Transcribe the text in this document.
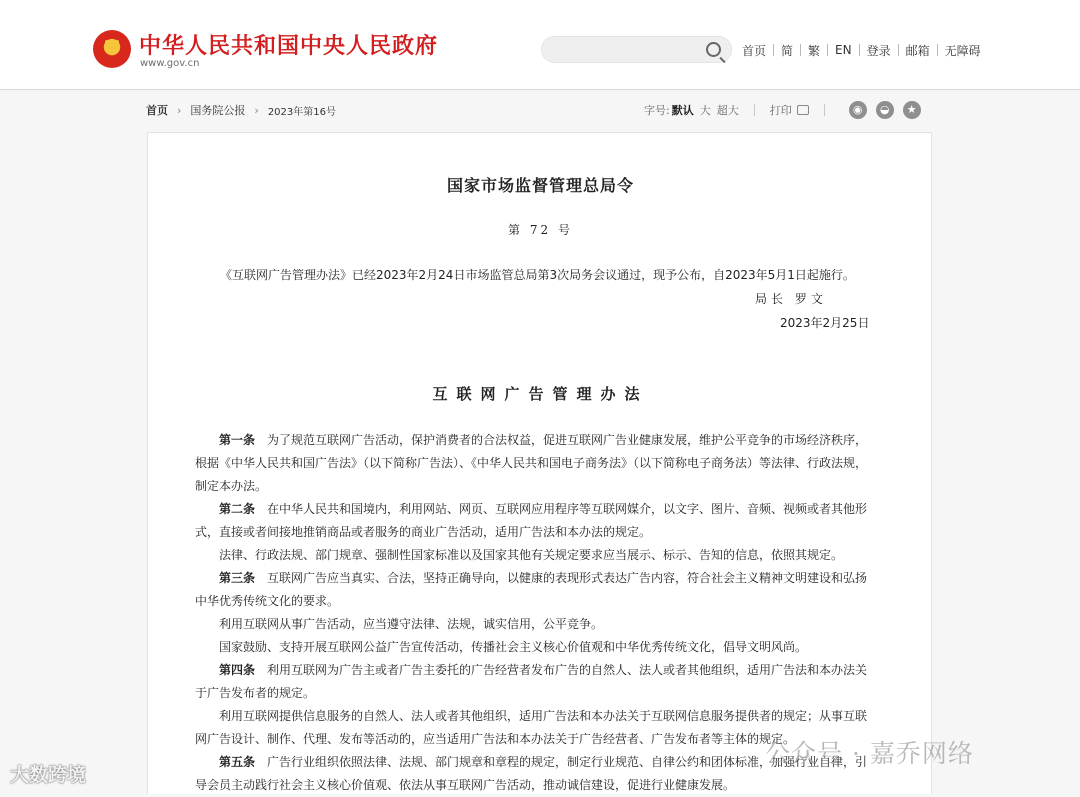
中华人民共和国中央人民政府
www.gov.cn
首页 简 繁 EN 登录 邮箱 无障碍
首页 › 国务院公报 › 2023年第16号	字号: 默认 大 超大	打印	◉	◒	★
国家市场监督管理总局令
第 72 号
《互联网广告管理办法》已经2023年2月24日市场监管总局第3次局务会议通过，现予公布，自2023年5月1日起施行。
局长 罗文
2023年2月25日
互联网广告管理办法

第一条　 为了规范互联网广告活动，保护消费者的合法权益，促进互联网广告业健康发展，维护公平竞争的市场经济秩序，根据《中华人民共和国广告法》（以下简称广告法）、《中华人民共和国电子商务法》（以下简称电子商务法）等法律、行政法规，制定本办法。

第二条　 在中华人民共和国境内，利用网站、网页、互联网应用程序等互联网媒介，以文字、图片、音频、视频或者其他形式，直接或者间接地推销商品或者服务的商业广告活动，适用广告法和本办法的规定。

法律、行政法规、部门规章、强制性国家标准以及国家其他有关规定要求应当展示、标示、告知的信息，依照其规定。

第三条　 互联网广告应当真实、合法，坚持正确导向，以健康的表现形式表达广告内容，符合社会主义精神文明建设和弘扬中华优秀传统文化的要求。

利用互联网从事广告活动，应当遵守法律、法规，诚实信用，公平竞争。

国家鼓励、支持开展互联网公益广告宣传活动，传播社会主义核心价值观和中华优秀传统文化，倡导文明风尚。

第四条　 利用互联网为广告主或者广告主委托的广告经营者发布广告的自然人、法人或者其他组织，适用广告法和本办法关于广告发布者的规定。

利用互联网提供信息服务的自然人、法人或者其他组织，适用广告法和本办法关于互联网信息服务提供者的规定；从事互联网广告设计、制作、代理、发布等活动的，应当适用广告法和本办法关于广告经营者、广告发布者等主体的规定。

第五条　 广告行业组织依照法律、法规、部门规章和章程的规定，制定行业规范、自律公约和团体标准，加强行业自律，引导会员主动践行社会主义核心价值观、依法从事互联网广告活动，推动诚信建设，促进行业健康发展。

大数跨境
公众号 · 嘉乔网络
